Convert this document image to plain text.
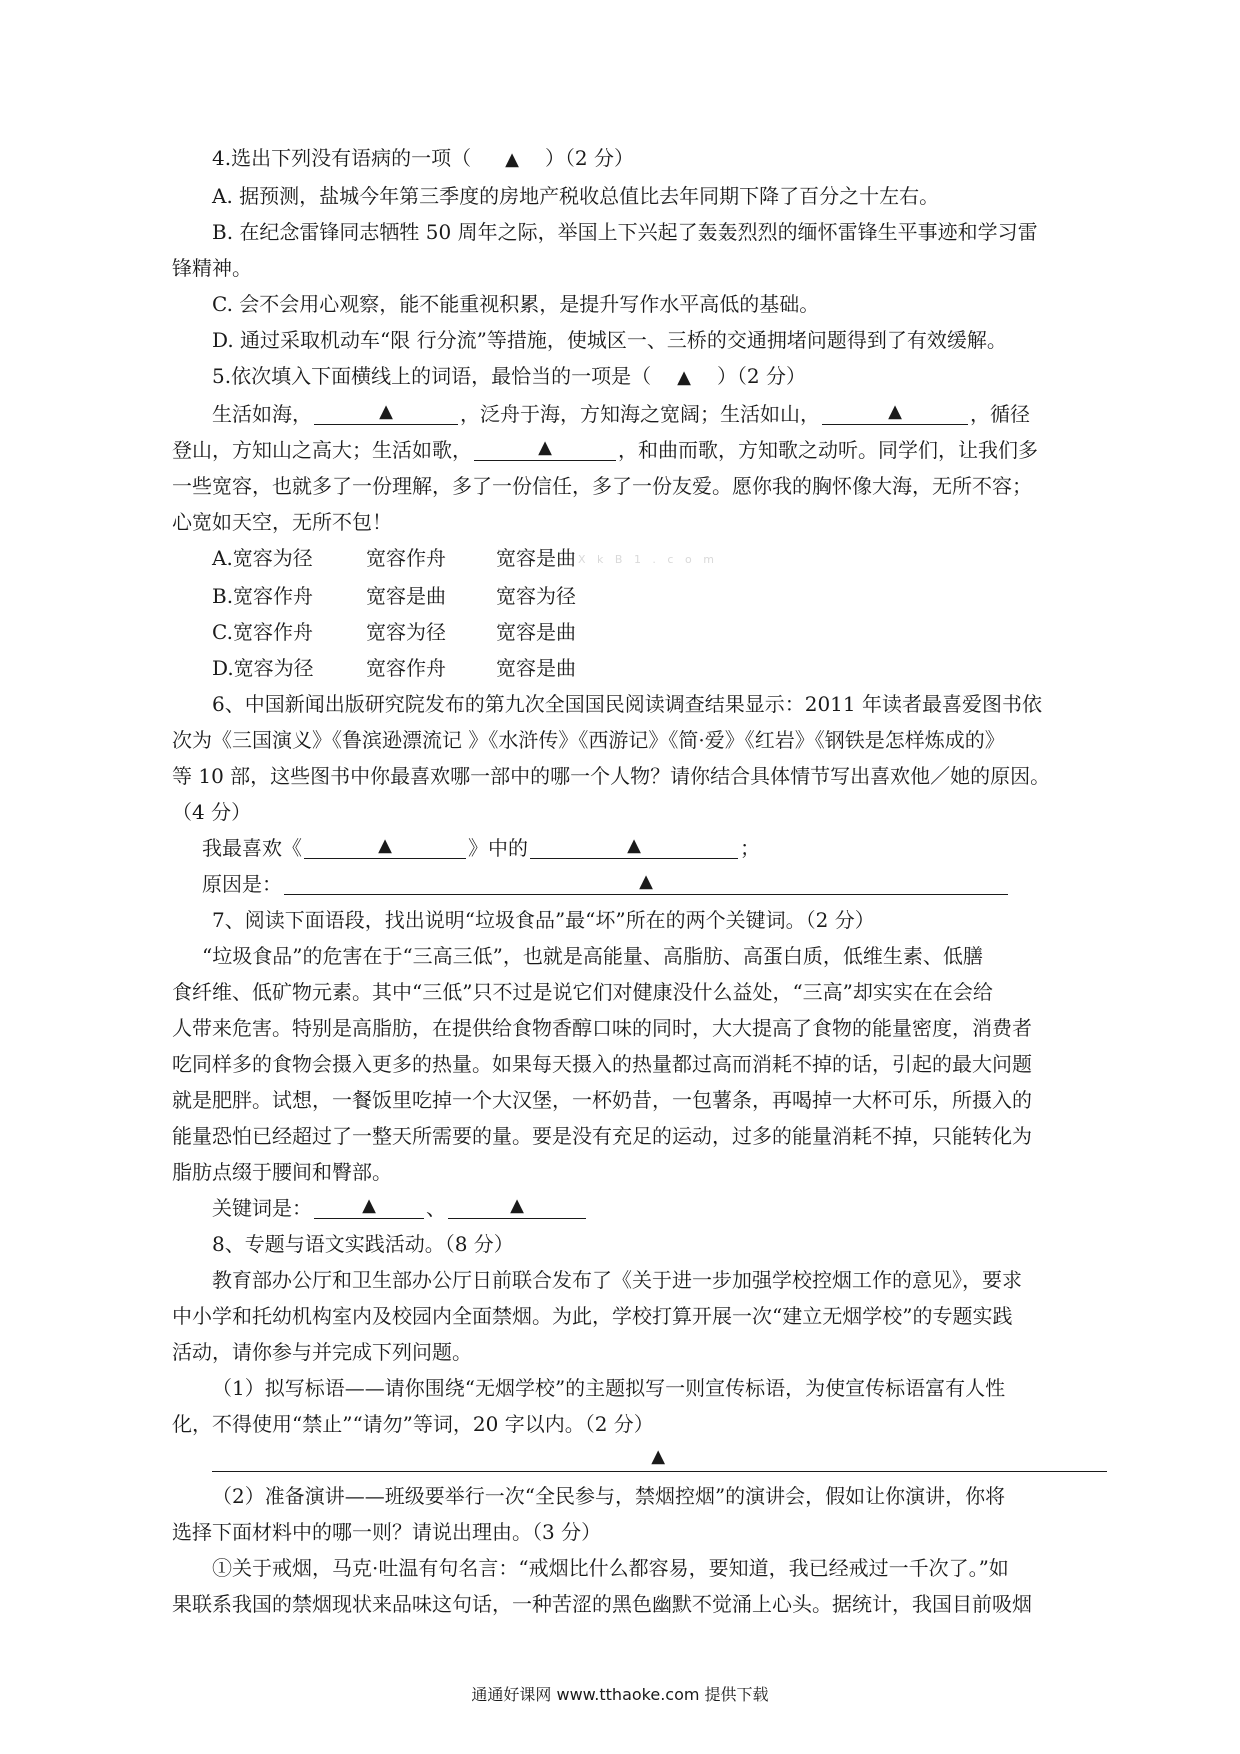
4.选出下列没有语病的一项（ ▲ ）（2 分）
A. 据预测，盐城今年第三季度的房地产税收总值比去年同期下降了百分之十左右。
B. 在纪念雷锋同志牺牲 50 周年之际，举国上下兴起了轰轰烈烈的缅怀雷锋生平事迹和学习雷
锋精神。
C. 会不会用心观察，能不能重视积累，是提升写作水平高低的基础。
D. 通过采取机动车“限 行分流”等措施，使城区一、三桥的交通拥堵问题得到了有效缓解。
5.依次填入下面横线上的词语，最恰当的一项是（ ▲ ）（2 分）
生活如海，	▲	，泛舟于海，方知海之宽阔；生活如山，	▲	，循径
登山，方知山之高大；生活如歌，	▲	，和曲而歌，方知歌之动听。同学们，让我们多
一些宽容，也就多了一份理解，多了一份信任，多了一份友爱。愿你我的胸怀像大海，无所不容；
心宽如天空，无所不包！
A.宽容为径	宽容作舟	宽容是曲 X k B 1 . c o m
B.宽容作舟	宽容是曲	宽容为径
C.宽容作舟	宽容为径	宽容是曲
D.宽容为径	宽容作舟	宽容是曲
6、中国新闻出版研究院发布的第九次全国国民阅读调查结果显示：2011 年读者最喜爱图书依
次为《三国演义》《鲁滨逊漂流记 》《水浒传》《西游记》《简·爱》《红岩》《钢铁是怎样炼成的》
等 10 部，这些图书中你最喜欢哪一部中的哪一个人物？请你结合具体情节写出喜欢他／她的原因。
（4 分）
我最喜欢《	▲	》中的	▲	；
原因是：	▲
7、阅读下面语段，找出说明“垃圾食品”最“坏”所在的两个关键词。（2 分）
“垃圾食品”的危害在于“三高三低”，也就是高能量、高脂肪、高蛋白质，低维生素、低膳
食纤维、低矿物元素。其中“三低”只不过是说它们对健康没什么益处，“三高”却实实在在会给
人带来危害。特别是高脂肪，在提供给食物香醇口味的同时，大大提高了食物的能量密度，消费者
吃同样多的食物会摄入更多的热量。如果每天摄入的热量都过高而消耗不掉的话，引起的最大问题
就是肥胖。试想，一餐饭里吃掉一个大汉堡，一杯奶昔，一包薯条，再喝掉一大杯可乐，所摄入的
能量恐怕已经超过了一整天所需要的量。要是没有充足的运动，过多的能量消耗不掉，只能转化为
脂肪点缀于腰间和臀部。
关键词是：	▲	、	▲
8、专题与语文实践活动。（8 分）
教育部办公厅和卫生部办公厅日前联合发布了《关于进一步加强学校控烟工作的意见》，要求
中小学和托幼机构室内及校园内全面禁烟。为此，学校打算开展一次“建立无烟学校”的专题实践
活动，请你参与并完成下列问题。
（1）拟写标语——请你围绕“无烟学校”的主题拟写一则宣传标语，为使宣传标语富有人性
化，不得使用“禁止”“请勿”等词，20 字以内。（2 分）
▲
（2）准备演讲——班级要举行一次“全民参与，禁烟控烟”的演讲会，假如让你演讲，你将
选择下面材料中的哪一则？请说出理由。（3 分）
①关于戒烟，马克·吐温有句名言：“戒烟比什么都容易，要知道，我已经戒过一千次了。”如
果联系我国的禁烟现状来品味这句话，一种苦涩的黑色幽默不觉涌上心头。据统计，我国目前吸烟
通通好课网 www.tthaoke.com 提供下载
